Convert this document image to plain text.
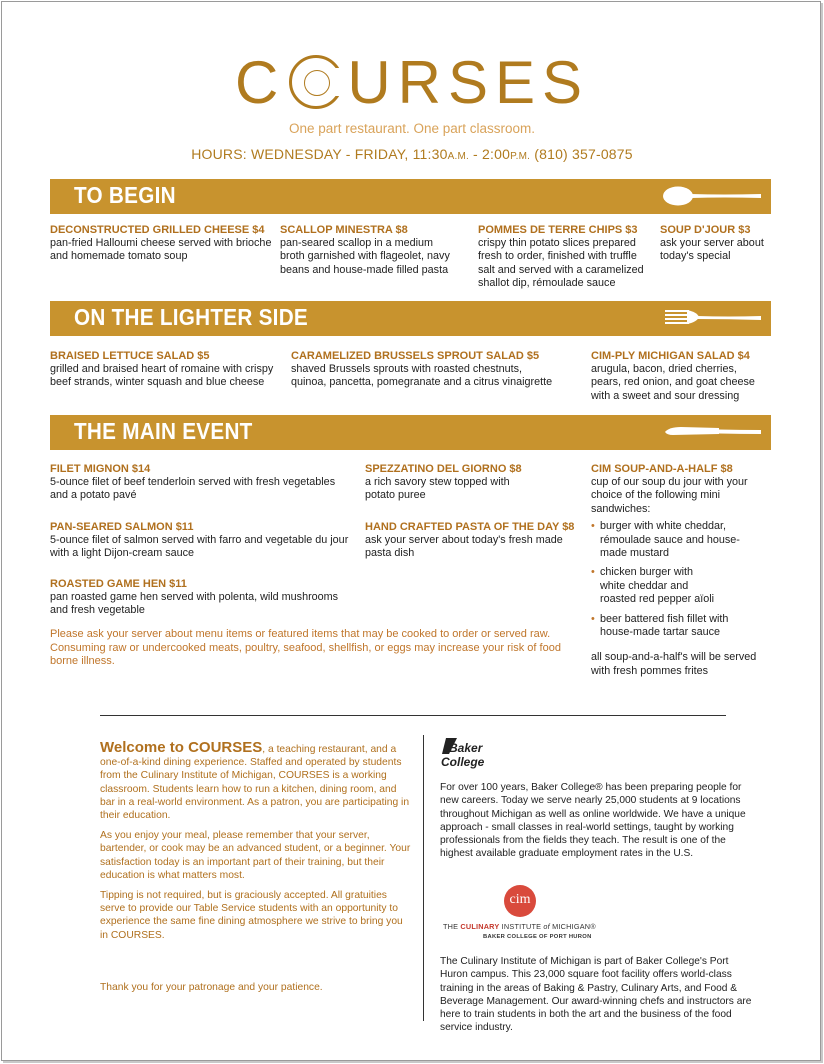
C URSES
One part restaurant. One part classroom.
HOURS: WEDNESDAY - FRIDAY, 11:30A.M. - 2:00P.M. (810) 357-0875
TO BEGIN
DECONSTRUCTED GRILLED CHEESE $4
pan-fried Halloumi cheese served with brioche and homemade tomato soup
SCALLOP MINESTRA $8
pan-seared scallop in a medium broth garnished with flageolet, navy beans and house-made filled pasta
POMMES DE TERRE CHIPS $3
crispy thin potato slices prepared fresh to order, finished with truffle salt and served with a caramelized shallot dip, rémoulade sauce
SOUP D'JOUR $3
ask your server about today's special
ON THE LIGHTER SIDE
BRAISED LETTUCE SALAD $5
grilled and braised heart of romaine with crispy beef strands, winter squash and blue cheese
CARAMELIZED BRUSSELS SPROUT SALAD $5
shaved Brussels sprouts with roasted chestnuts, quinoa, pancetta, pomegranate and a citrus vinaigrette
CIM-PLY MICHIGAN SALAD $4
arugula, bacon, dried cherries, pears, red onion, and goat cheese with a sweet and sour dressing
THE MAIN EVENT
FILET MIGNON $14
5-ounce filet of beef tenderloin served with fresh vegetables and a potato pavé
PAN-SEARED SALMON $11
5-ounce filet of salmon served with farro and vegetable du jour with a light Dijon-cream sauce
ROASTED GAME HEN $11
pan roasted game hen served with polenta, wild mushrooms and fresh vegetable
SPEZZATINO DEL GIORNO $8
a rich savory stew topped with potato puree
HAND CRAFTED PASTA OF THE DAY $8
ask your server about today's fresh made pasta dish
CIM SOUP-AND-A-HALF $8
cup of our soup du jour with your choice of the following mini sandwiches:
• burger with white cheddar, rémoulade sauce and house-made mustard
• chicken burger with white cheddar and roasted red pepper aïoli
• beer battered fish fillet with house-made tartar sauce
all soup-and-a-half's will be served with fresh pommes frites
Please ask your server about menu items or featured items that may be cooked to order or served raw. Consuming raw or undercooked meats, poultry, seafood, shellfish, or eggs may increase your risk of food borne illness.

Welcome to COURSES, a teaching restaurant, and a one-of-a-kind dining experience. Staffed and operated by students from the Culinary Institute of Michigan, COURSES is a working classroom. Students learn how to run a kitchen, dining room, and bar in a real-world environment. As a patron, you are participating in their education.

As you enjoy your meal, please remember that your server, bartender, or cook may be an advanced student, or a beginner. Your satisfaction today is an important part of their training, but their education is what matters most.

Tipping is not required, but is graciously accepted. All gratuities serve to provide our Table Service students with an opportunity to experience the same fine dining atmosphere we strive to bring you in COURSES.

Thank you for your patronage and your patience.
Baker
College
For over 100 years, Baker College® has been preparing people for new careers. Today we serve nearly 25,000 students at 9 locations throughout Michigan as well as online worldwide. We have a unique approach - small classes in real-world settings, taught by working professionals from the fields they teach. The result is one of the highest available graduate employment rates in the U.S.
cim
THE CULINARY INSTITUTE of MICHIGAN®
BAKER COLLEGE OF PORT HURON
The Culinary Institute of Michigan is part of Baker College's Port Huron campus. This 23,000 square foot facility offers world-class training in the areas of Baking & Pastry, Culinary Arts, and Food & Beverage Management. Our award-winning chefs and instructors are here to train students in both the art and the business of the food service industry.
